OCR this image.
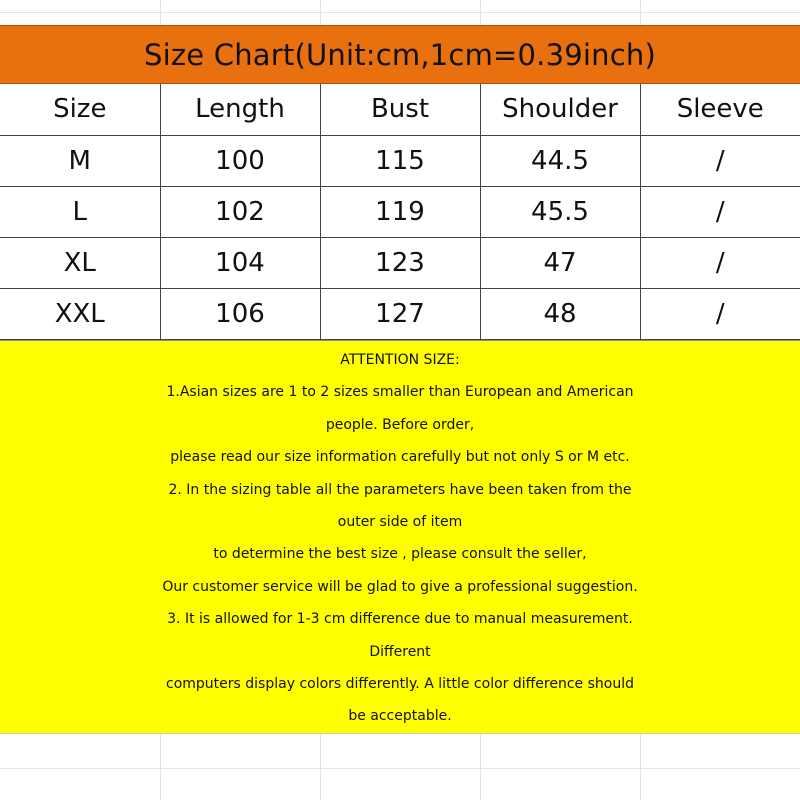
Size Chart(Unit:cm,1cm=0.39inch)
Size	Length	Bust	Shoulder	Sleeve
M	100	115	44.5	/
L	102	119	45.5	/
XL	104	123	47	/
XXL	106	127	48	/
ATTENTION SIZE:
1.Asian sizes are 1 to 2 sizes smaller than European and American
people. Before order,
please read our size information carefully but not only S or M etc.
2. In the sizing table all the parameters have been taken from the
outer side of item
to determine the best size , please consult the seller,
Our customer service will be glad to give a professional suggestion.
3. It is allowed for 1-3 cm difference due to manual measurement.
Different
computers display colors differently. A little color difference should
be acceptable.
